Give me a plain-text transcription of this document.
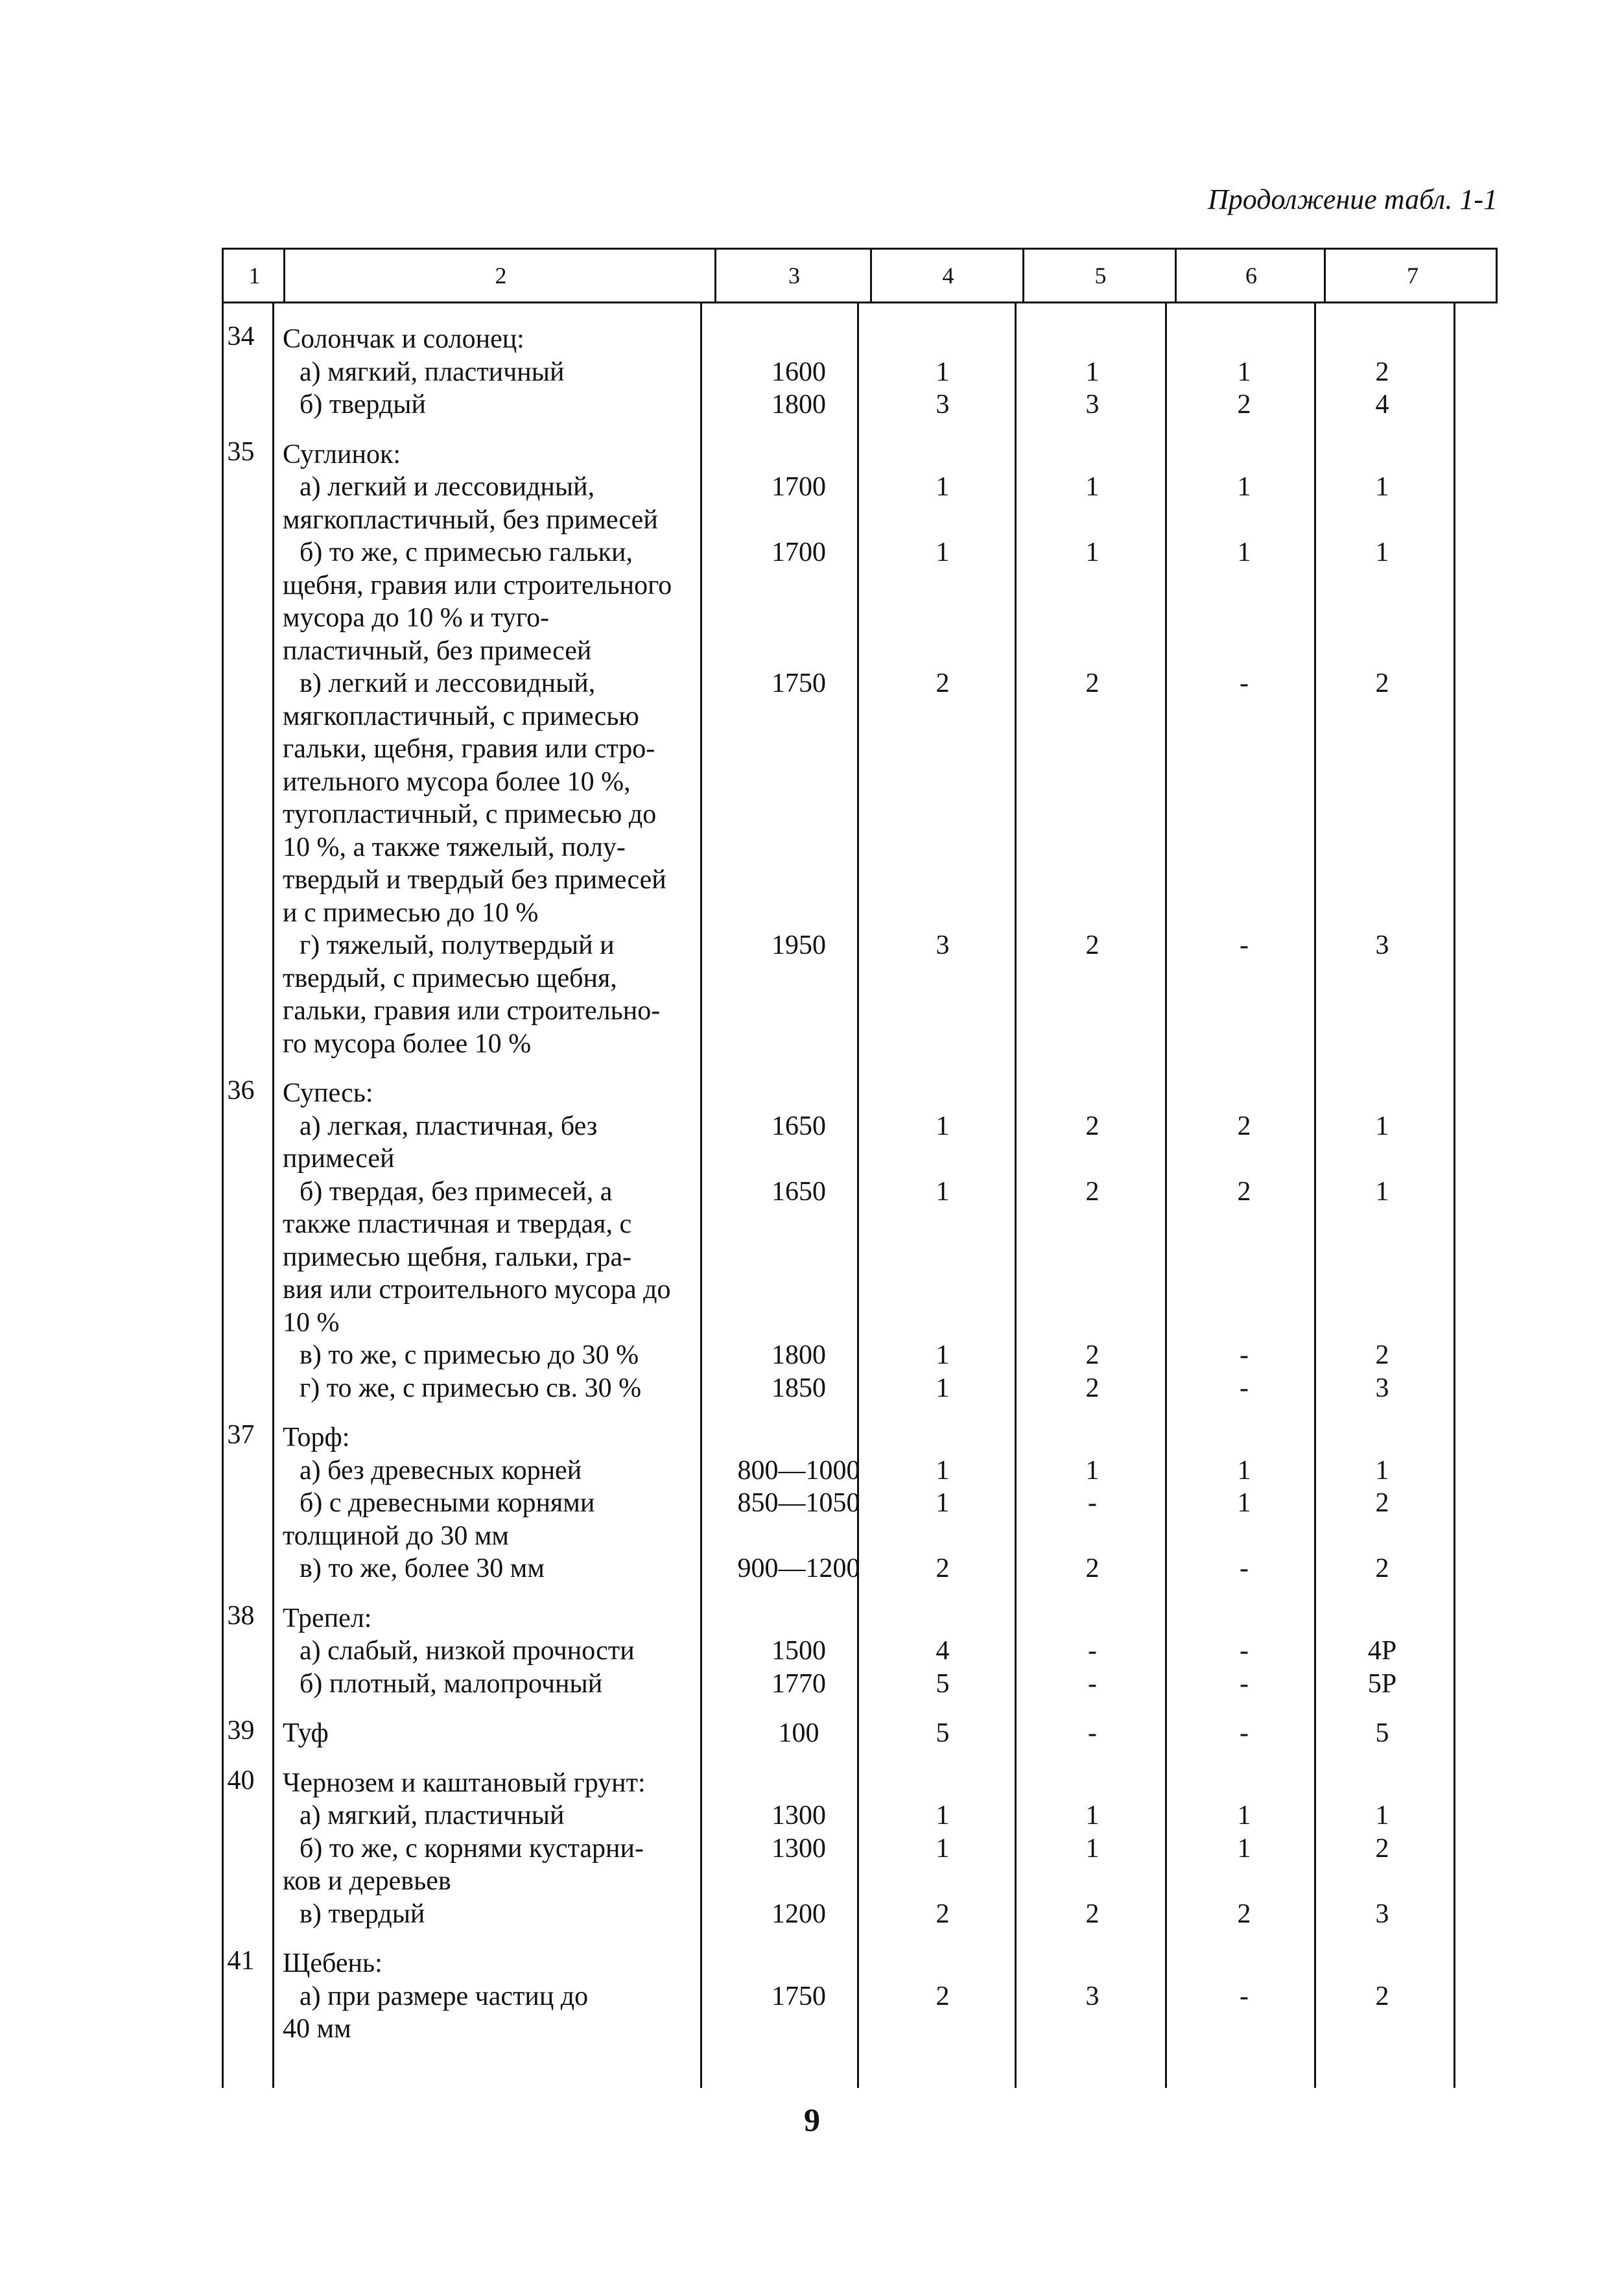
Продолжение табл. 1-1
1	2	3	4	5	6	7
34	Солончак и солонец:
а) мягкий, пластичный	1600	1	1	1	2
б) твердый	1800	3	3	2	4
35	Суглинок:
а) легкий и лессовидный,	1700	1	1	1	1
мягкопластичный, без примесей
б) то же, с примесью гальки,	1700	1	1	1	1
щебня, гравия или строительного
мусора до 10 % и туго-
пластичный, без примесей
в) легкий и лессовидный,	1750	2	2	-	2
мягкопластичный, с примесью
гальки, щебня, гравия или стро-
ительного мусора более 10 %,
тугопластичный, с примесью до
10 %, а также тяжелый, полу-
твердый и твердый без примесей
и с примесью до 10 %
г) тяжелый, полутвердый и	1950	3	2	-	3
твердый, с примесью щебня,
гальки, гравия или строительно-
го мусора более 10 %
36	Супесь:
а) легкая, пластичная, без	1650	1	2	2	1
примесей
б) твердая, без примесей, а	1650	1	2	2	1
также пластичная и твердая, с
примесью щебня, гальки, гра-
вия или строительного мусора до
10 %
в) то же, с примесью до 30 %	1800	1	2	-	2
г) то же, с примесью св. 30 %	1850	1	2	-	3
37	Торф:
а) без древесных корней	800—1000	1	1	1	1
б) с древесными корнями	850—1050	1	-	1	2
толщиной до 30 мм
в) то же, более 30 мм	900—1200	2	2	-	2
38	Трепел:
а) слабый, низкой прочности	1500	4	-	-	4Р
б) плотный, малопрочный	1770	5	-	-	5Р
39	Туф	100	5	-	-	5
40	Чернозем и каштановый грунт:
а) мягкий, пластичный	1300	1	1	1	1
б) то же, с корнями кустарни-	1300	1	1	1	2
ков и деревьев
в) твердый	1200	2	2	2	3
41	Щебень:
а) при размере частиц до	1750	2	3	-	2
40 мм
9
